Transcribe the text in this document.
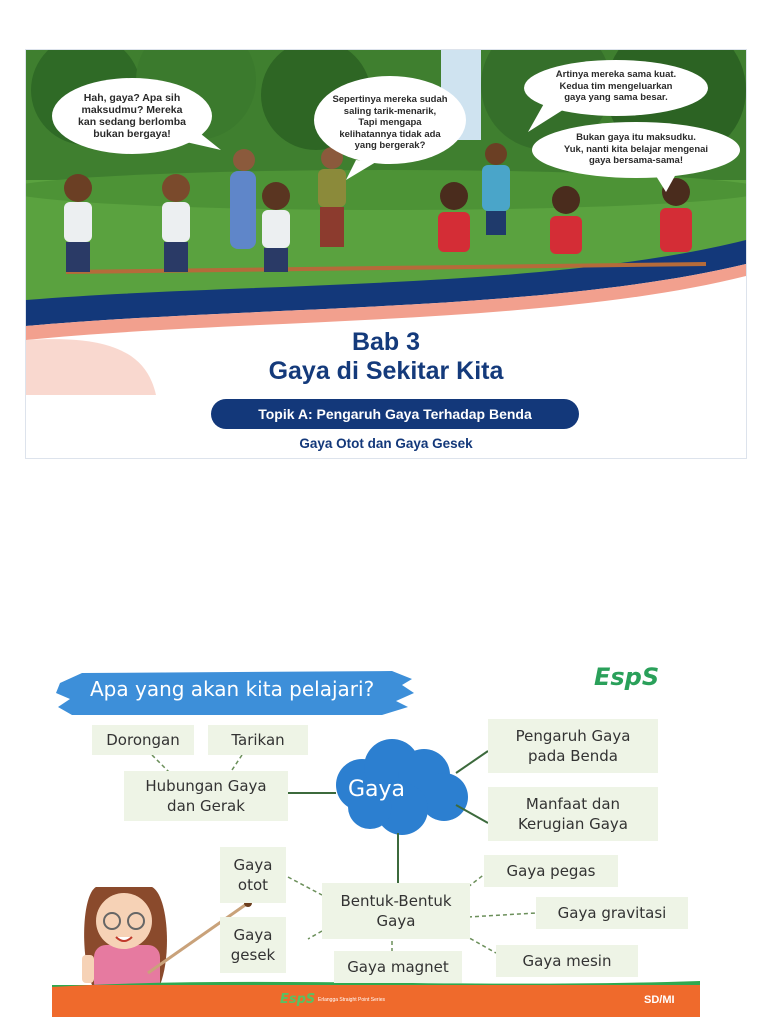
Hah, gaya? Apa sih
maksudmu? Mereka
kan sedang berlomba
bukan bergaya!
Sepertinya mereka sudah
saling tarik-menarik,
Tapi mengapa
kelihatannya tidak ada
yang bergerak?
Artinya mereka sama kuat.
Kedua tim mengeluarkan
gaya yang sama besar.
Bukan gaya itu maksudku.
Yuk, nanti kita belajar mengenai
gaya bersama-sama!
Bab 3
Gaya di Sekitar Kita
Topik A: Pengaruh Gaya Terhadap Benda
Gaya Otot dan Gaya Gesek
Apa yang akan kita pelajari?	EspS
Dorongan	Tarikan
Hubungan Gaya
dan Gerak
Pengaruh Gaya
pada Benda
Manfaat dan
Kerugian Gaya
Gaya
otot
Gaya
gesek
Bentuk-Bentuk
Gaya
Gaya magnet
Gaya pegas
Gaya gravitasi
Gaya mesin
Gaya
EspS Erlangga Straight Point Series	SD/MI
